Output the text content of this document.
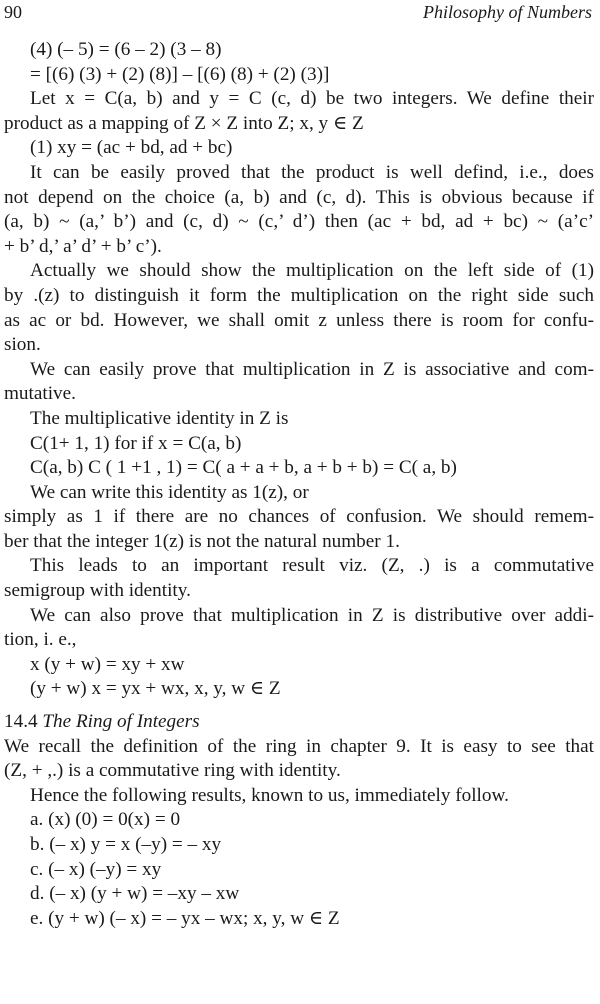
90	Philosophy of Numbers
(4) (– 5) = (6 – 2) (3 – 8)
= [(6) (3) + (2) (8)] – [(6) (8) + (2) (3)]
Let x = C(a, b) and y = C (c, d) be two integers. We define their
product as a mapping of Z × Z into Z; x, y ∈ Z
(1) xy = (ac + bd, ad + bc)
It can be easily proved that the product is well defind, i.e., does
not depend on the choice (a, b) and (c, d). This is obvious because if
(a, b) ~ (a,’ b’) and (c, d) ~ (c,’ d’) then (ac + bd, ad + bc) ~ (a’c’
+ b’ d,’ a’ d’ + b’ c’).
Actually we should show the multiplication on the left side of (1)
by .(z) to distinguish it form the multiplication on the right side such
as ac or bd. However, we shall omit z unless there is room for confu-
sion.
We can easily prove that multiplication in Z is associative and com-
mutative.
The multiplicative identity in Z is
C(1+ 1, 1) for if x = C(a, b)
C(a, b) C ( 1 +1 , 1) = C( a + a + b, a + b + b) = C( a, b)
We can write this identity as 1(z), or
simply as 1 if there are no chances of confusion. We should remem-
ber that the integer 1(z) is not the natural number 1.
This leads to an important result viz. (Z, .) is a commutative
semigroup with identity.
We can also prove that multiplication in Z is distributive over addi-
tion, i. e.,
x (y + w) = xy + xw
(y + w) x = yx + wx, x, y, w ∈ Z
14.4 The Ring of Integers
We recall the definition of the ring in chapter 9. It is easy to see that
(Z, + ,.) is a commutative ring with identity.
Hence the following results, known to us, immediately follow.
a. (x) (0) = 0(x) = 0
b. (– x) y = x (–y) = – xy
c. (– x) (–y) = xy
d. (– x) (y + w) = –xy – xw
e. (y + w) (– x) = – yx – wx; x, y, w ∈ Z
